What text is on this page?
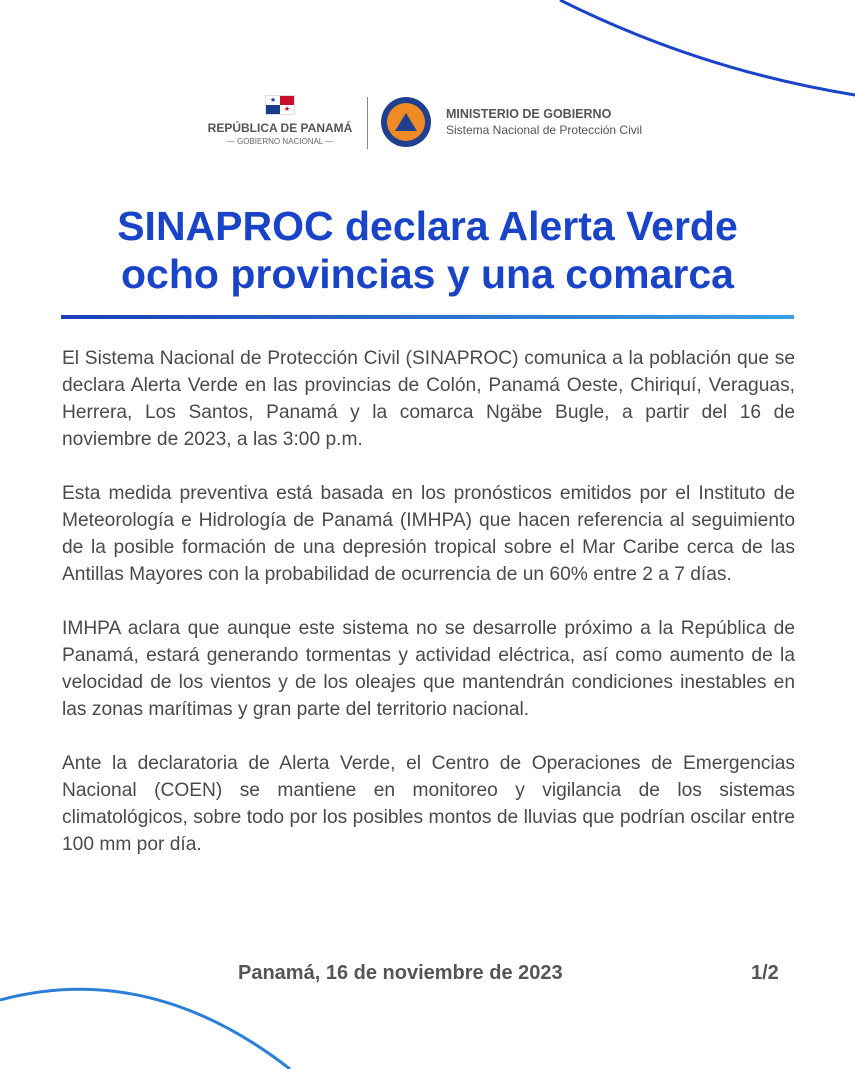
★
★
REPÚBLICA DE PANAMÁ
— GOBIERNO NACIONAL —
MINISTERIO DE GOBIERNO
Sistema Nacional de Protección Civil
SINAPROC declara Alerta Verde
ocho provincias y una comarca

El Sistema Nacional de Protección Civil (SINAPROC) comunica a la población que se declara Alerta Verde en las provincias de Colón, Panamá Oeste, Chiriquí, Veraguas, Herrera, Los Santos, Panamá y la comarca Ngäbe Bugle, a partir del 16 de noviembre de 2023, a las 3:00 p.m.

Esta medida preventiva está basada en los pronósticos emitidos por el Instituto de Meteorología e Hidrología de Panamá (IMHPA) que hacen referencia al seguimiento de la posible formación de una depresión tropical sobre el Mar Caribe cerca de las Antillas Mayores con la probabilidad de ocurrencia de un 60% entre 2 a 7 días.

IMHPA aclara que aunque este sistema no se desarrolle próximo a la República de Panamá, estará generando tormentas y actividad eléctrica, así como aumento de la velocidad de los vientos y de los oleajes que mantendrán condiciones inestables en las zonas marítimas y gran parte del territorio nacional.

Ante la declaratoria de Alerta Verde, el Centro de Operaciones de Emergencias Nacional (COEN) se mantiene en monitoreo y vigilancia de los sistemas climatológicos, sobre todo por los posibles montos de lluvias que podrían oscilar entre 100 mm por día.

Panamá, 16 de noviembre de 2023	1/2
